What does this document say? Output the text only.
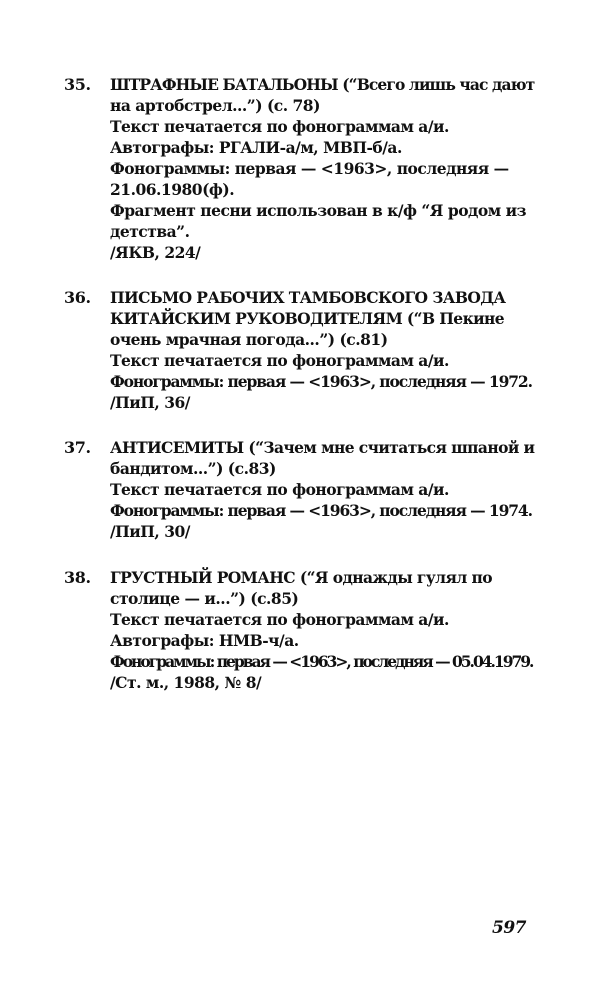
35. ШТРАФНЫЕ БАТАЛЬОНЫ (“Всего лишь час дают
на артобстрел...”) (с. 78)
Текст печатается по фонограммам а/и.
Автографы: РГАЛИ-а/м, МВП-б/а.
Фонограммы: первая — <1963>, последняя —
21.06.1980(ф).
Фрагмент песни использован в к/ф “Я родом из
детства”.
/ЯКВ, 224/
36. ПИСЬМО РАБОЧИХ ТАМБОВСКОГО ЗАВОДА
КИТАЙСКИМ РУКОВОДИТЕЛЯМ (“В Пекине
очень мрачная погода...”) (с.81)
Текст печатается по фонограммам а/и.
Фонограммы: первая — <1963>, последняя — 1972.
/ПиП, 36/
37. АНТИСЕМИТЫ (“Зачем мне считаться шпаной и
бандитом...”) (с.83)
Текст печатается по фонограммам а/и.
Фонограммы: первая — <1963>, последняя — 1974.
/ПиП, 30/
38. ГРУСТНЫЙ РОМАНС (“Я однажды гулял по
столице — и...”) (с.85)
Текст печатается по фонограммам а/и.
Автографы: НМВ-ч/а.
Фонограммы: первая — <1963>, последняя — 05.04.1979.
/Ст. м., 1988, № 8/
597
